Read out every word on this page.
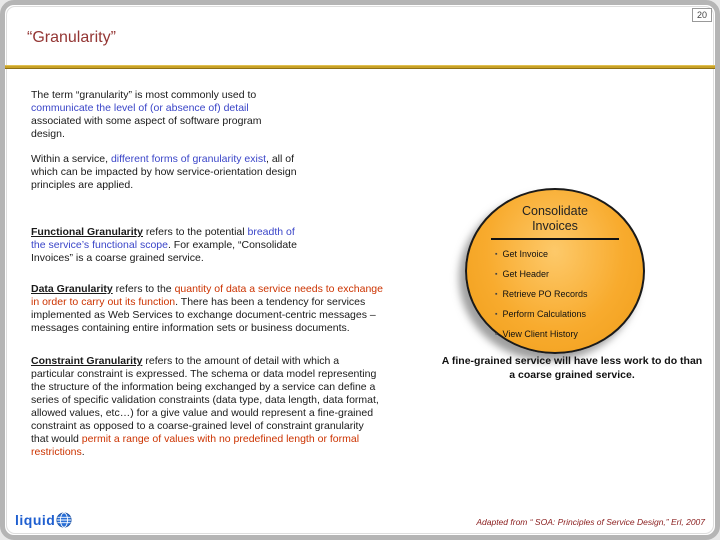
20
“Granularity”

The term “granularity” is most commonly used to communicate the level of (or absence of) detail associated with some aspect of software program design.

Within a service, different forms of granularity exist, all of which can be impacted by how service-orientation design principles are applied.

Functional Granularity refers to the potential breadth of the service’s functional scope. For example, “Consolidate Invoices” is a coarse grained service.

Data Granularity refers to the quantity of data a service needs to exchange in order to carry out its function. There has been a tendency for services implemented as Web Services to exchange document-centric messages – messages containing entire information sets or business documents.

Constraint Granularity refers to the amount of detail with which a particular constraint is expressed. The schema or data model representing the structure of the information being exchanged by a service can define a series of specific validation constraints (data type, data length, data format, allowed values, etc…) for a give value and would represent a fine-grained constraint as opposed to a coarse-grained level of constraint granularity that would permit a range of values with no predefined length or formal restrictions.

Consolidate Invoices
▪ Get Invoice
▪ Get Header
▪ Retrieve PO Records
▪ Perform Calculations
▪ View Client History
A fine-grained service will have less work to do than a coarse grained service.
liquid	Adapted from “ SOA: Principles of Service Design,” Erl, 2007
